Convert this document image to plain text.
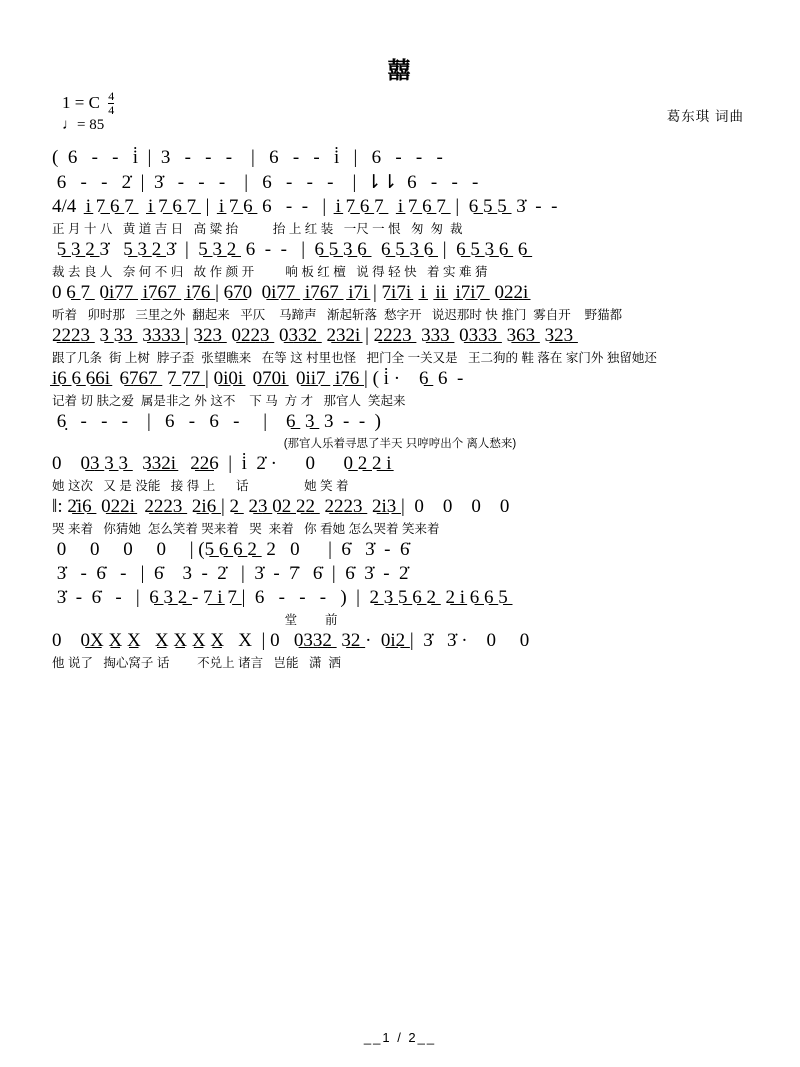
囍
1 = C $\frac{4}{4}$
♩= 85
葛东琪 词曲
(  6   -   -   i̇  |  3   -   -   -    |   6   -   -   i̇   |   6   -   -   -
6   -   -   2̇  |  3̇   -   -   -    |   6   -   -   -    |  ⇂⇂  6   -   -   -
4/4  i̲ 7̲ 6̲ 7̲   i̲ 7̲ 6̲ 7̲  |  i̲ 7̲ 6̲  6   -  -   |  i̲ 7̲ 6̲ 7̲   i̲ 7̲ 6̲ 7̲  |  6̲ 5̲ 5̲  3̇  -  -
正 月 十 八   黄 道 吉 日   高 粱 抬          抬 上 红 装   一尺 一 恨   匆  匆  裁
5̲ 3̲ 2̲ 3̇   5̲ 3̲ 2̲ 3̇  |  5̲ 3̲ 2̲  6  -  -   |  6̲ 5̲ 3̲ 6̲   6̲ 5̲ 3̲ 6̲  |  6̲ 5̲ 3̲ 6̲  6̲
裁 去 良 人   奈 何 不 归   故 作 颜 开         响 板 红 檀   说 得 轻 快   着 实 难 猜
0 6̲ 7̲  0̲i̲7̲7̲  i̲7̲6̲7̲  i̲7̲6̲ | 6̲7̲0  0̲i̲7̲7̲  i̲7̲6̲7̲  i̲7̲i̲ | 7̲i̲7̲i̲  i̲  i̲i̲  i̲7̲i̲7̲  0̲2̲2̲i̲
听着   卯时那   三里之外  翻起来   平仄    马蹄声   渐起斩落  愁字开   说迟那时 快 推门  雾自开    野猫都
2̲2̲2̲3̲  3̲ 3̲3̲  3̲3̲3̲3̲ | 3̲2̲3̲  0̲2̲2̲3̲  0̲3̲3̲2̲  2̲3̲2̲i̲ | 2̲2̲2̲3̲  3̲3̲3̲  0̲3̲3̲3̲  3̲6̲3̲  3̲2̲3̲
跟了几条  街 上树  脖子歪  张望瞧来   在等 这 村里也怪   把门全 一关又是   王二狗的 鞋 落在 家门外 独留她还
i̲6̲ 6̲ 6̲6̲i̲  6̲7̲6̲7̲  7̲ 7̲7̲ | 0̲i̲0̲i̲  0̲7̲0̲i̲  0̲i̲i̲7̲  i̲7̲6̲ | ( i̇ ·    6̲  6  -
记着 切 肤之爱  属是非之 外 这不    下 马  方 才   那官人  笑起来
6̣   -   -   -    |   6   -   6   -     |    6̲  3̲  3  -  -  )
(那官人乐着寻思了半天 只哼哼出个 离人愁来)
0    0̲3̲ 3̲ 3̲   3̲3̲2̲i̲   2̲2̲6  |  i̇  2̇ ·      0      0̲ 2̲ 2̲ i̲
她 这次   又 是 没能   接 得 上      话                她 笑 着
‖: 2̲̇i̲6̲  0̲2̲2̲i̲  2̲2̲2̲3̲  2̲i̲6̲ | 2̲  2̲3̲ 0̲2̲ 2̲2̲  2̲2̲2̲3̲  2̲i̲3̲ |  0    0    0    0
哭 来着   你猜她  怎么笑着 哭来着   哭  来着   你 看她 怎么哭着 笑来着
0     0     0     0     | (5̲ 6̲ 6̲ 2̲  2   0      |  6̇   3̇  -  6̇
3̇   -  6̇   -   |  6̇    3  -  2̇   |  3̇  -  7̇   6̇  |  6̇  3̇  -  2̇
3̇  -  6̇   -   |  6̲ 3̲ 2̲ - 7̲ i̲ 7̲ |  6   -   -   -   )  |  2̲ 3̲ 5̲ 6̲ 2̲  2̲ i̲ 6̲ 6̲ 5̲
堂        前
0    0̲X̲ X̲ X̲   X̲ X̲ X̲ X̲   X  | 0   0̲3̲3̲2̲  3̲2̲ ·  0̲i̲2̲ |  3̇   3̇ ·    0     0
他 说了   掏心窝子 话        不兑上 诸言   岂能   潇  洒
__1 / 2__
